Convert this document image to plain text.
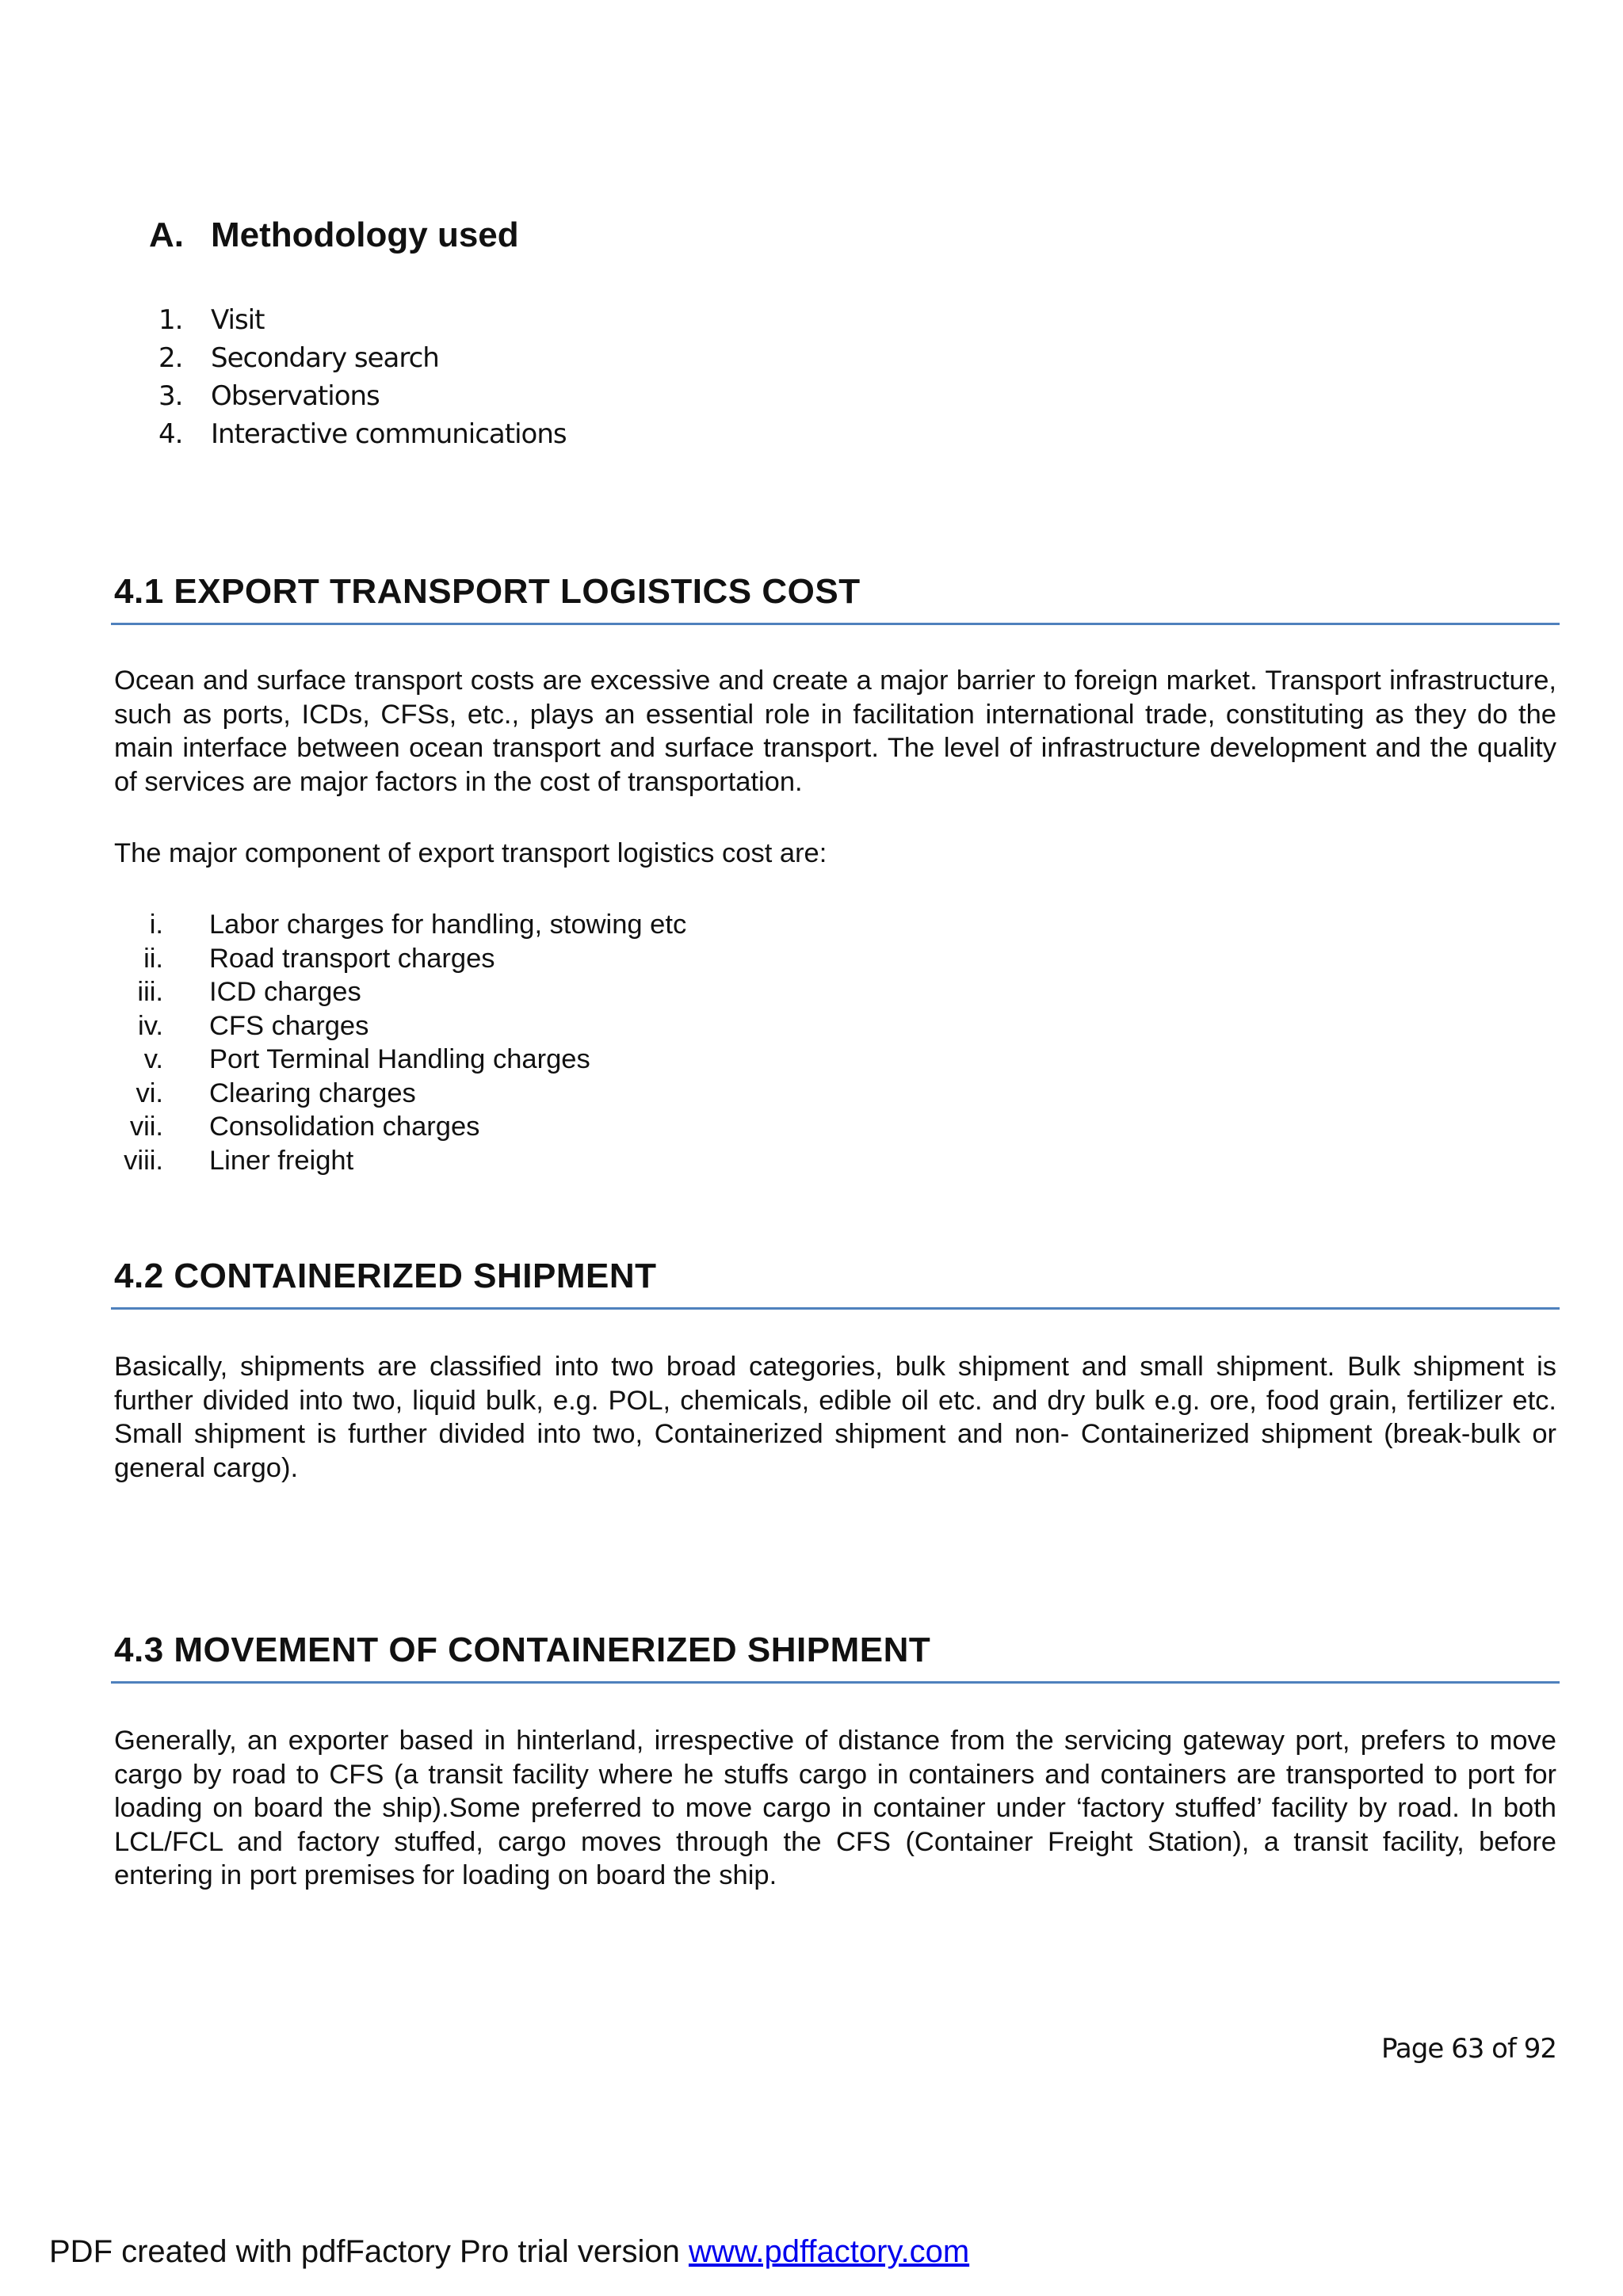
A. Methodology used
1. Visit
2. Secondary search
3. Observations
4. Interactive communications
4.1 EXPORT TRANSPORT LOGISTICS COST

Ocean and surface transport costs are excessive and create a major barrier to foreign market. Transport infrastructure, such as ports, ICDs, CFSs, etc., plays an essential role in facilitation international trade, constituting as they do the main interface between ocean transport and surface transport. The level of infrastructure development and the quality of services are major factors in the cost of transportation.

The major component of export transport logistics cost are:

i. Labor charges for handling, stowing etc
ii. Road transport charges
iii. ICD charges
iv. CFS charges
v. Port Terminal Handling charges
vi. Clearing charges
vii. Consolidation charges
viii. Liner freight
4.2 CONTAINERIZED SHIPMENT

Basically, shipments are classified into two broad categories, bulk shipment and small shipment. Bulk shipment is further divided into two, liquid bulk, e.g. POL, chemicals, edible oil etc. and dry bulk e.g. ore, food grain, fertilizer etc. Small shipment is further divided into two, Containerized shipment and non- Containerized shipment (break-bulk or general cargo).

4.3 MOVEMENT OF CONTAINERIZED SHIPMENT

Generally, an exporter based in hinterland, irrespective of distance from the servicing gateway port, prefers to move cargo by road to CFS (a transit facility where he stuffs cargo in containers and containers are transported to port for loading on board the ship).Some preferred to move cargo in container under ‘factory stuffed’ facility by road. In both LCL/FCL and factory stuffed, cargo moves through the CFS (Container Freight Station), a transit facility, before entering in port premises for loading on board the ship.

Page 63 of 92
PDF created with pdfFactory Pro trial version www.pdffactory.com
